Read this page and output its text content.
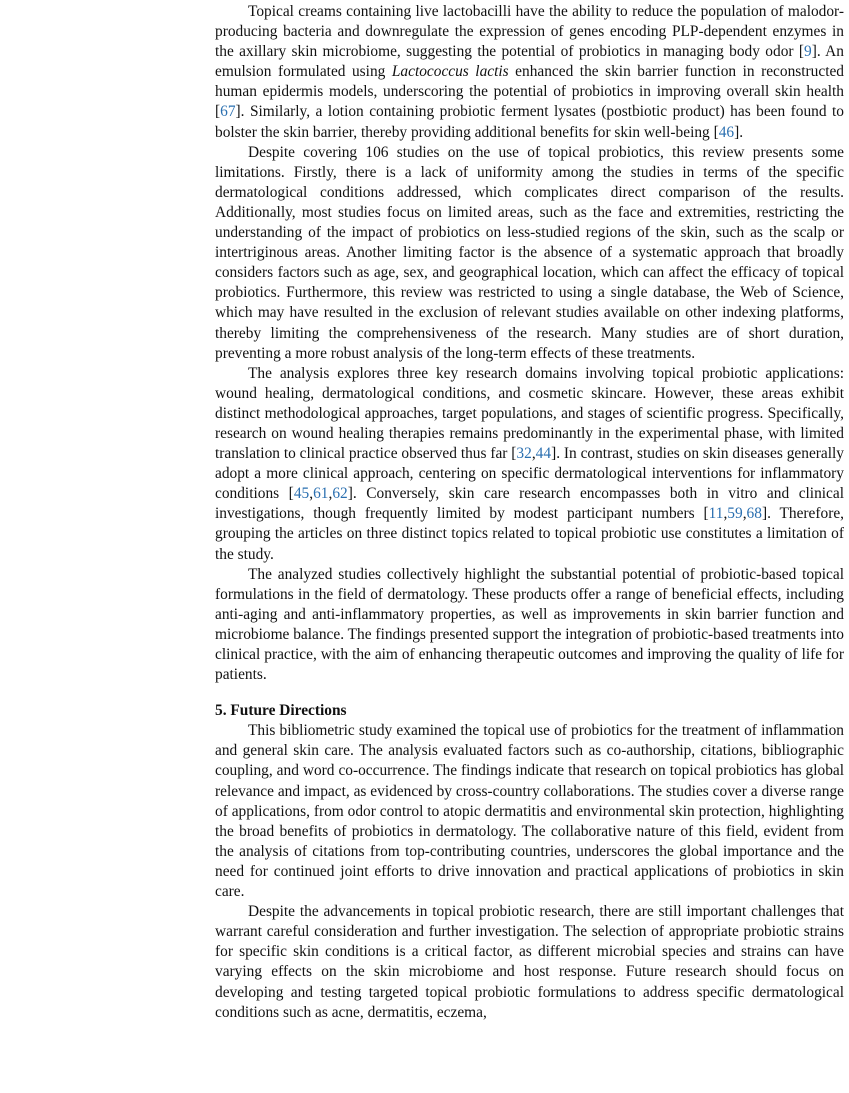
Topical creams containing live lactobacilli have the ability to reduce the population of malodor-producing bacteria and downregulate the expression of genes encoding PLP-dependent enzymes in the axillary skin microbiome, suggesting the potential of probiotics in managing body odor [9]. An emulsion formulated using Lactococcus lactis enhanced the skin barrier function in reconstructed human epidermis models, underscoring the potential of probiotics in improving overall skin health [67]. Similarly, a lotion containing probiotic ferment lysates (postbiotic product) has been found to bolster the skin barrier, thereby providing additional benefits for skin well-being [46].

Despite covering 106 studies on the use of topical probiotics, this review presents some limitations. Firstly, there is a lack of uniformity among the studies in terms of the specific dermatological conditions addressed, which complicates direct comparison of the results. Additionally, most studies focus on limited areas, such as the face and extremities, restricting the understanding of the impact of probiotics on less-studied regions of the skin, such as the scalp or intertriginous areas. Another limiting factor is the absence of a systematic approach that broadly considers factors such as age, sex, and geographical location, which can affect the efficacy of topical probiotics. Furthermore, this review was restricted to using a single database, the Web of Science, which may have resulted in the exclusion of relevant studies available on other indexing platforms, thereby limiting the comprehensiveness of the research. Many studies are of short duration, preventing a more robust analysis of the long-term effects of these treatments.

The analysis explores three key research domains involving topical probiotic applications: wound healing, dermatological conditions, and cosmetic skincare. However, these areas exhibit distinct methodological approaches, target populations, and stages of scientific progress. Specifically, research on wound healing therapies remains predominantly in the experimental phase, with limited translation to clinical practice observed thus far [32,44]. In contrast, studies on skin diseases generally adopt a more clinical approach, centering on specific dermatological interventions for inflammatory conditions [45,61,62]. Conversely, skin care research encompasses both in vitro and clinical investigations, though frequently limited by modest participant numbers [11,59,68]. Therefore, grouping the articles on three distinct topics related to topical probiotic use constitutes a limitation of the study.

The analyzed studies collectively highlight the substantial potential of probiotic-based topical formulations in the field of dermatology. These products offer a range of beneficial effects, including anti-aging and anti-inflammatory properties, as well as improvements in skin barrier function and microbiome balance. The findings presented support the integration of probiotic-based treatments into clinical practice, with the aim of enhancing therapeutic outcomes and improving the quality of life for patients.

5. Future Directions

This bibliometric study examined the topical use of probiotics for the treatment of inflammation and general skin care. The analysis evaluated factors such as co-authorship, citations, bibliographic coupling, and word co-occurrence. The findings indicate that research on topical probiotics has global relevance and impact, as evidenced by cross-country collaborations. The studies cover a diverse range of applications, from odor control to atopic dermatitis and environmental skin protection, highlighting the broad benefits of probiotics in dermatology. The collaborative nature of this field, evident from the analysis of citations from top-contributing countries, underscores the global importance and the need for continued joint efforts to drive innovation and practical applications of probiotics in skin care.

Despite the advancements in topical probiotic research, there are still important challenges that warrant careful consideration and further investigation. The selection of appropriate probiotic strains for specific skin conditions is a critical factor, as different microbial species and strains can have varying effects on the skin microbiome and host response. Future research should focus on developing and testing targeted topical probiotic formulations to address specific dermatological conditions such as acne, dermatitis, eczema,
